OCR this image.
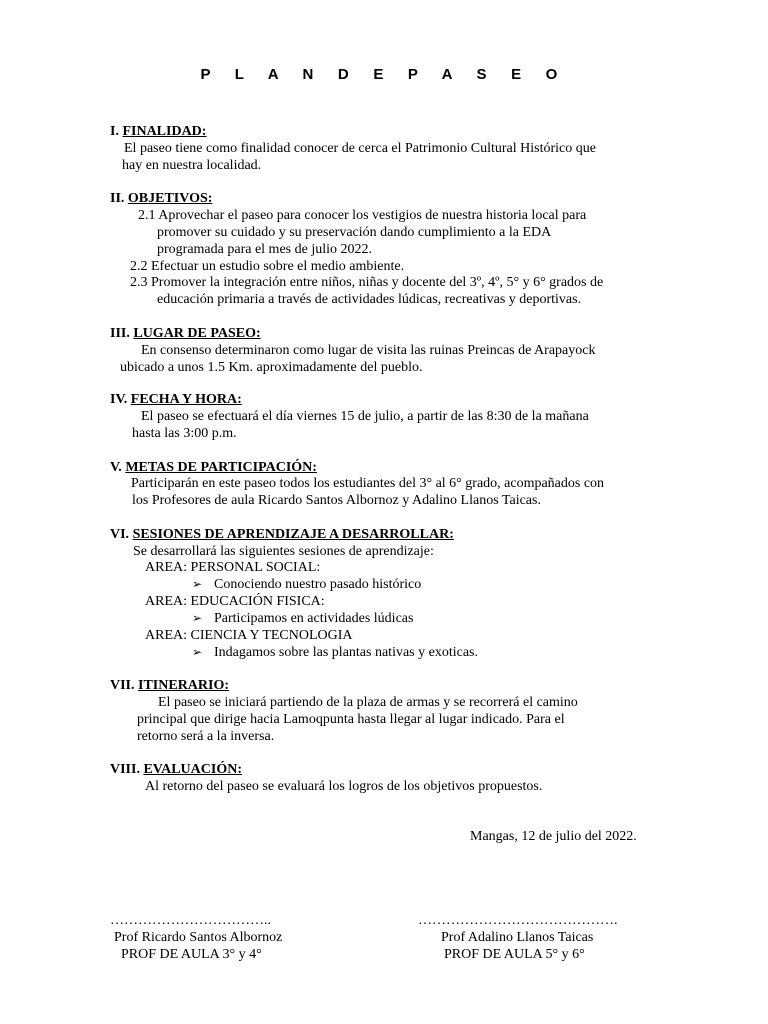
P L A N D E P A S E O
I. FINALIDAD:
El paseo tiene como finalidad conocer de cerca el Patrimonio Cultural Histórico que
hay en nuestra localidad.
II. OBJETIVOS:
2.1 Aprovechar el paseo para conocer los vestigios de nuestra historia local para
promover su cuidado y su preservación dando cumplimiento a la EDA
programada para el mes de julio 2022.
2.2 Efectuar un estudio sobre el medio ambiente.
2.3 Promover la integración entre niños, niñas y docente del 3º, 4º, 5° y 6° grados de
educación primaria a través de actividades lúdicas, recreativas y deportivas.
III. LUGAR DE PASEO:
En consenso determinaron como lugar de visita las ruinas Preincas de Arapayock
ubicado a unos 1.5 Km. aproximadamente del pueblo.
IV. FECHA Y HORA:
El paseo se efectuará el día viernes 15 de julio, a partir de las 8:30 de la mañana
hasta las 3:00 p.m.
V. METAS DE PARTICIPACIÓN:
Participarán en este paseo todos los estudiantes del 3° al 6° grado, acompañados con
los Profesores de aula Ricardo Santos Albornoz y Adalino Llanos Taicas.
VI. SESIONES DE APRENDIZAJE A DESARROLLAR:
Se desarrollará las siguientes sesiones de aprendizaje:
AREA: PERSONAL SOCIAL:
➢ Conociendo nuestro pasado histórico
AREA: EDUCACIÓN FISICA:
➢ Participamos en actividades lúdicas
AREA: CIENCIA Y TECNOLOGIA
➢ Indagamos sobre las plantas nativas y exoticas.
VII. ITINERARIO:
El paseo se iniciará partiendo de la plaza de armas y se recorrerá el camino
principal que dirige hacia Lamoqpunta hasta llegar al lugar indicado. Para el
retorno será a la inversa.
VIII. EVALUACIÓN:
Al retorno del paseo se evaluará los logros de los objetivos propuestos.
Mangas, 12 de julio del 2022.
……………………………..
Prof Ricardo Santos Albornoz
PROF DE AULA 3° y 4°
…………………………………….
Prof Adalino Llanos Taicas
PROF DE AULA 5° y 6°
